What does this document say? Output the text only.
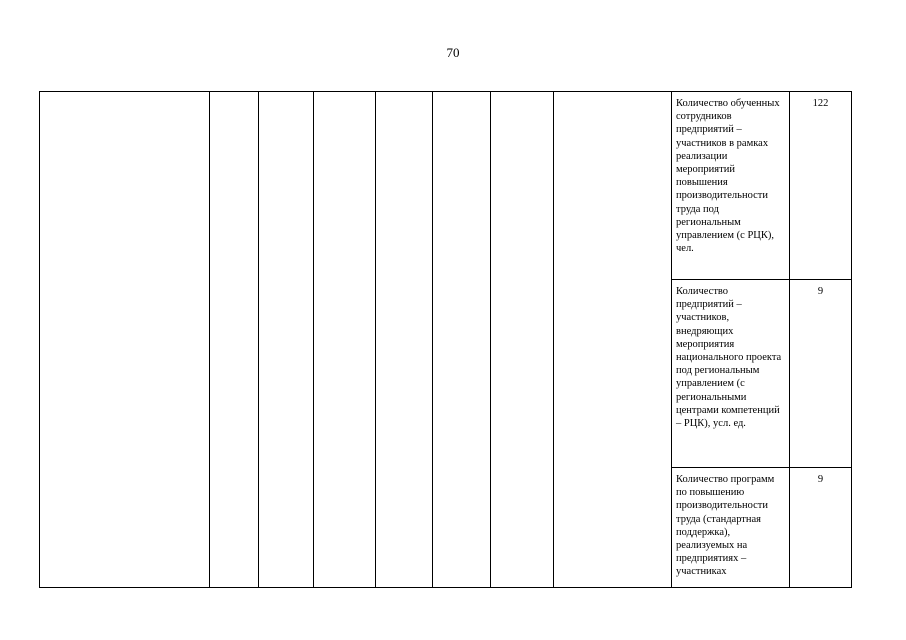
70
								Количество обученных сотрудников предприятий – участников в рамках реализации мероприятий повышения производительности труда под региональным управлением (с РЦК), чел.	122
								Количество предприятий – участников, внедряющих мероприятия национального проекта под региональным управлением (с региональными центрами компетенций – РЦК), усл. ед.	9
								Количество программ по повышению производительности труда (стандартная поддержка), реализуемых на предприятиях – участниках	9
